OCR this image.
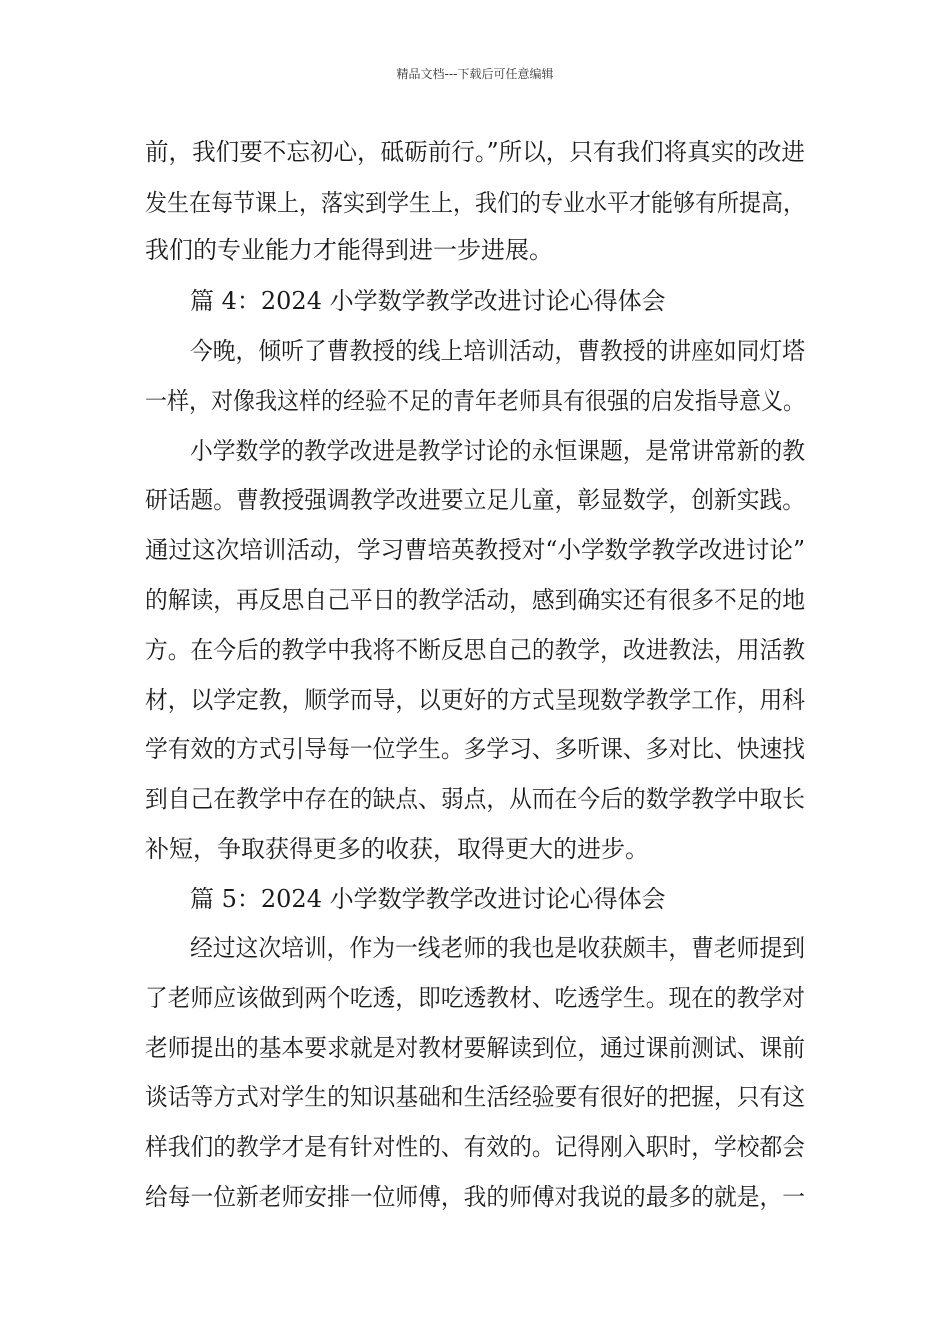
精品文档---下载后可任意编辑
前，我们要不忘初心，砥砺前行。”所以，只有我们将真实的改进
发生在每节课上，落实到学生上，我们的专业水平才能够有所提高，
我们的专业能力才能得到进一步进展。
篇 4：2024 小学数学教学改进讨论心得体会
今晚，倾听了曹教授的线上培训活动，曹教授的讲座如同灯塔
一样，对像我这样的经验不足的青年老师具有很强的启发指导意义。
小学数学的教学改进是教学讨论的永恒课题，是常讲常新的教
研话题。曹教授强调教学改进要立足儿童，彰显数学，创新实践。
通过这次培训活动，学习曹培英教授对“小学数学教学改进讨论”
的解读，再反思自己平日的教学活动，感到确实还有很多不足的地
方。在今后的教学中我将不断反思自己的教学，改进教法，用活教
材，以学定教，顺学而导，以更好的方式呈现数学教学工作，用科
学有效的方式引导每一位学生。多学习、多听课、多对比、快速找
到自己在教学中存在的缺点、弱点，从而在今后的数学教学中取长
补短，争取获得更多的收获，取得更大的进步。
篇 5：2024 小学数学教学改进讨论心得体会
经过这次培训，作为一线老师的我也是收获颇丰，曹老师提到
了老师应该做到两个吃透，即吃透教材、吃透学生。现在的教学对
老师提出的基本要求就是对教材要解读到位，通过课前测试、课前
谈话等方式对学生的知识基础和生活经验要有很好的把握，只有这
样我们的教学才是有针对性的、有效的。记得刚入职时，学校都会
给每一位新老师安排一位师傅，我的师傅对我说的最多的就是，一
